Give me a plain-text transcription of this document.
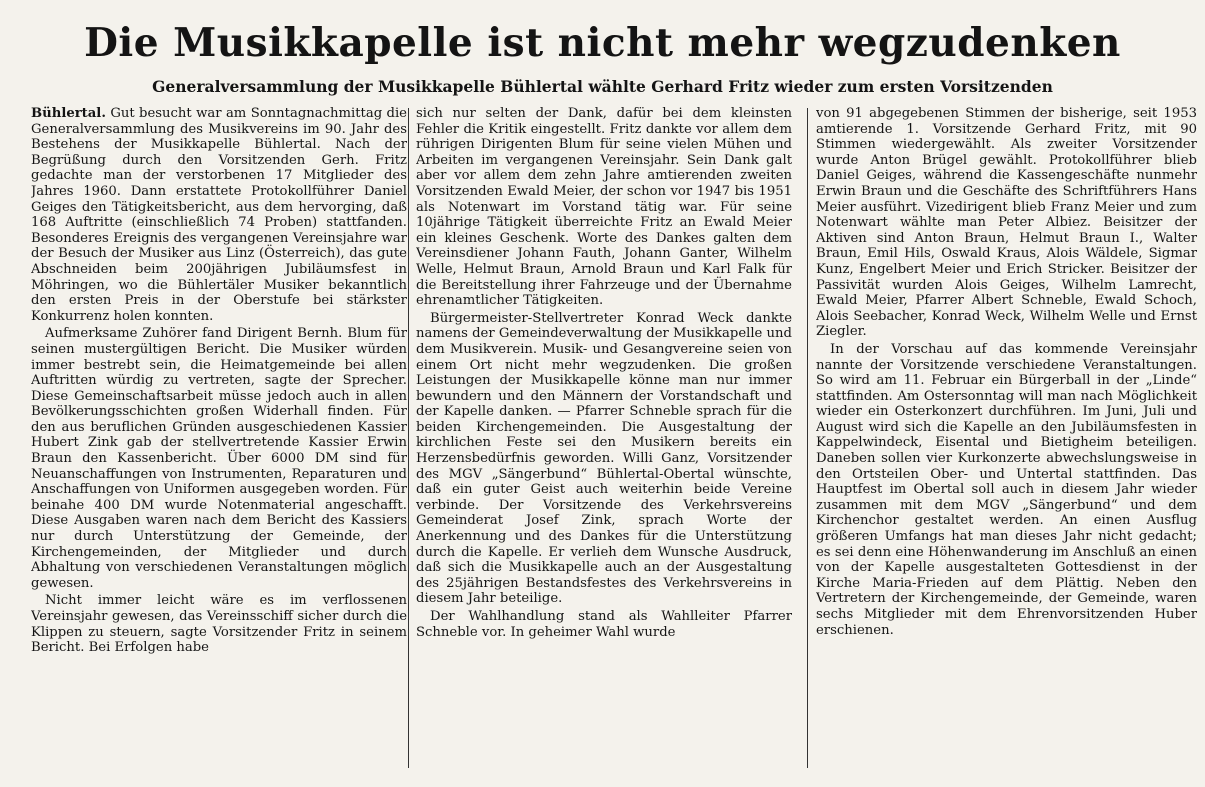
Die Musikkapelle ist nicht mehr wegzudenken
Generalversammlung der Musikkapelle Bühlertal wählte Gerhard Fritz wieder zum ersten Vorsitzenden

Bühlertal. Gut besucht war am Sonntagnachmittag die Generalversammlung des Musikvereins im 90. Jahr des Bestehens der Musikkapelle Bühlertal. Nach der Begrüßung durch den Vorsitzenden Gerh. Fritz gedachte man der verstorbenen 17 Mitglieder des Jahres 1960. Dann erstattete Protokollführer Daniel Geiges den Tätigkeitsbericht, aus dem hervorging, daß 168 Auftritte (einschließlich 74 Proben) stattfanden. Besonderes Ereignis des vergangenen Vereinsjahre war der Besuch der Musiker aus Linz (Österreich), das gute Abschneiden beim 200jährigen Jubiläumsfest in Möhringen, wo die Bühlertäler Musiker bekanntlich den ersten Preis in der Oberstufe bei stärkster Konkurrenz holen konnten.

Aufmerksame Zuhörer fand Dirigent Bernh. Blum für seinen mustergültigen Bericht. Die Musiker würden immer bestrebt sein, die Heimatgemeinde bei allen Auftritten würdig zu vertreten, sagte der Sprecher. Diese Gemeinschaftsarbeit müsse jedoch auch in allen Bevölkerungsschichten großen Widerhall finden. Für den aus beruflichen Gründen ausgeschiedenen Kassier Hubert Zink gab der stellvertretende Kassier Erwin Braun den Kassenbericht. Über 6000 DM sind für Neuanschaffungen von Instrumenten, Reparaturen und Anschaffungen von Uniformen ausgegeben worden. Für beinahe 400 DM wurde Notenmaterial angeschafft. Diese Ausgaben waren nach dem Bericht des Kassiers nur durch Unterstützung der Gemeinde, der Kirchengemeinden, der Mitglieder und durch Abhaltung von verschiedenen Veranstaltungen möglich gewesen.

Nicht immer leicht wäre es im verflossenen Vereinsjahr gewesen, das Vereinsschiff sicher durch die Klippen zu steuern, sagte Vorsitzender Fritz in seinem Bericht. Bei Erfolgen habe

sich nur selten der Dank, dafür bei dem kleinsten Fehler die Kritik eingestellt. Fritz dankte vor allem dem rührigen Dirigenten Blum für seine vielen Mühen und Arbeiten im vergangenen Vereinsjahr. Sein Dank galt aber vor allem dem zehn Jahre amtierenden zweiten Vorsitzenden Ewald Meier, der schon vor 1947 bis 1951 als Notenwart im Vorstand tätig war. Für seine 10jährige Tätigkeit überreichte Fritz an Ewald Meier ein kleines Geschenk. Worte des Dankes galten dem Vereinsdiener Johann Fauth, Johann Ganter, Wilhelm Welle, Helmut Braun, Arnold Braun und Karl Falk für die Bereitstellung ihrer Fahrzeuge und der Übernahme ehrenamtlicher Tätigkeiten.

Bürgermeister-Stellvertreter Konrad Weck dankte namens der Gemeindeverwaltung der Musikkapelle und dem Musikverein. Musik- und Gesangvereine seien von einem Ort nicht mehr wegzudenken. Die großen Leistungen der Musikkapelle könne man nur immer bewundern und den Männern der Vorstandschaft und der Kapelle danken. — Pfarrer Schneble sprach für die beiden Kirchengemeinden. Die Ausgestaltung der kirchlichen Feste sei den Musikern bereits ein Herzensbedürfnis geworden. Willi Ganz, Vorsitzender des MGV „Sängerbund“ Bühlertal-Obertal wünschte, daß ein guter Geist auch weiterhin beide Vereine verbinde. Der Vorsitzende des Verkehrsvereins Gemeinderat Josef Zink, sprach Worte der Anerkennung und des Dankes für die Unterstützung durch die Kapelle. Er verlieh dem Wunsche Ausdruck, daß sich die Musikkapelle auch an der Ausgestaltung des 25jährigen Bestandsfestes des Verkehrsvereins in diesem Jahr beteilige.

Der Wahlhandlung stand als Wahlleiter Pfarrer Schneble vor. In geheimer Wahl wurde

von 91 abgegebenen Stimmen der bisherige, seit 1953 amtierende 1. Vorsitzende Gerhard Fritz, mit 90 Stimmen wiedergewählt. Als zweiter Vorsitzender wurde Anton Brügel gewählt. Protokollführer blieb Daniel Geiges, während die Kassengeschäfte nunmehr Erwin Braun und die Geschäfte des Schriftführers Hans Meier ausführt. Vizedirigent blieb Franz Meier und zum Notenwart wählte man Peter Albiez. Beisitzer der Aktiven sind Anton Braun, Helmut Braun I., Walter Braun, Emil Hils, Oswald Kraus, Alois Wäldele, Sigmar Kunz, Engelbert Meier und Erich Stricker. Beisitzer der Passivität wurden Alois Geiges, Wilhelm Lamrecht, Ewald Meier, Pfarrer Albert Schneble, Ewald Schoch, Alois Seebacher, Konrad Weck, Wilhelm Welle und Ernst Ziegler.

In der Vorschau auf das kommende Vereinsjahr nannte der Vorsitzende verschiedene Veranstaltungen. So wird am 11. Februar ein Bürgerball in der „Linde“ stattfinden. Am Ostersonntag will man nach Möglichkeit wieder ein Osterkonzert durchführen. Im Juni, Juli und August wird sich die Kapelle an den Jubiläumsfesten in Kappelwindeck, Eisental und Bietigheim beteiligen. Daneben sollen vier Kurkonzerte abwechslungsweise in den Ortsteilen Ober- und Untertal stattfinden. Das Hauptfest im Obertal soll auch in diesem Jahr wieder zusammen mit dem MGV „Sängerbund“ und dem Kirchenchor gestaltet werden. An einen Ausflug größeren Umfangs hat man dieses Jahr nicht gedacht; es sei denn eine Höhenwanderung im Anschluß an einen von der Kapelle ausgestalteten Gottesdienst in der Kirche Maria-Frieden auf dem Plättig. Neben den Vertretern der Kirchengemeinde, der Gemeinde, waren sechs Mitglieder mit dem Ehrenvorsitzenden Huber erschienen.
